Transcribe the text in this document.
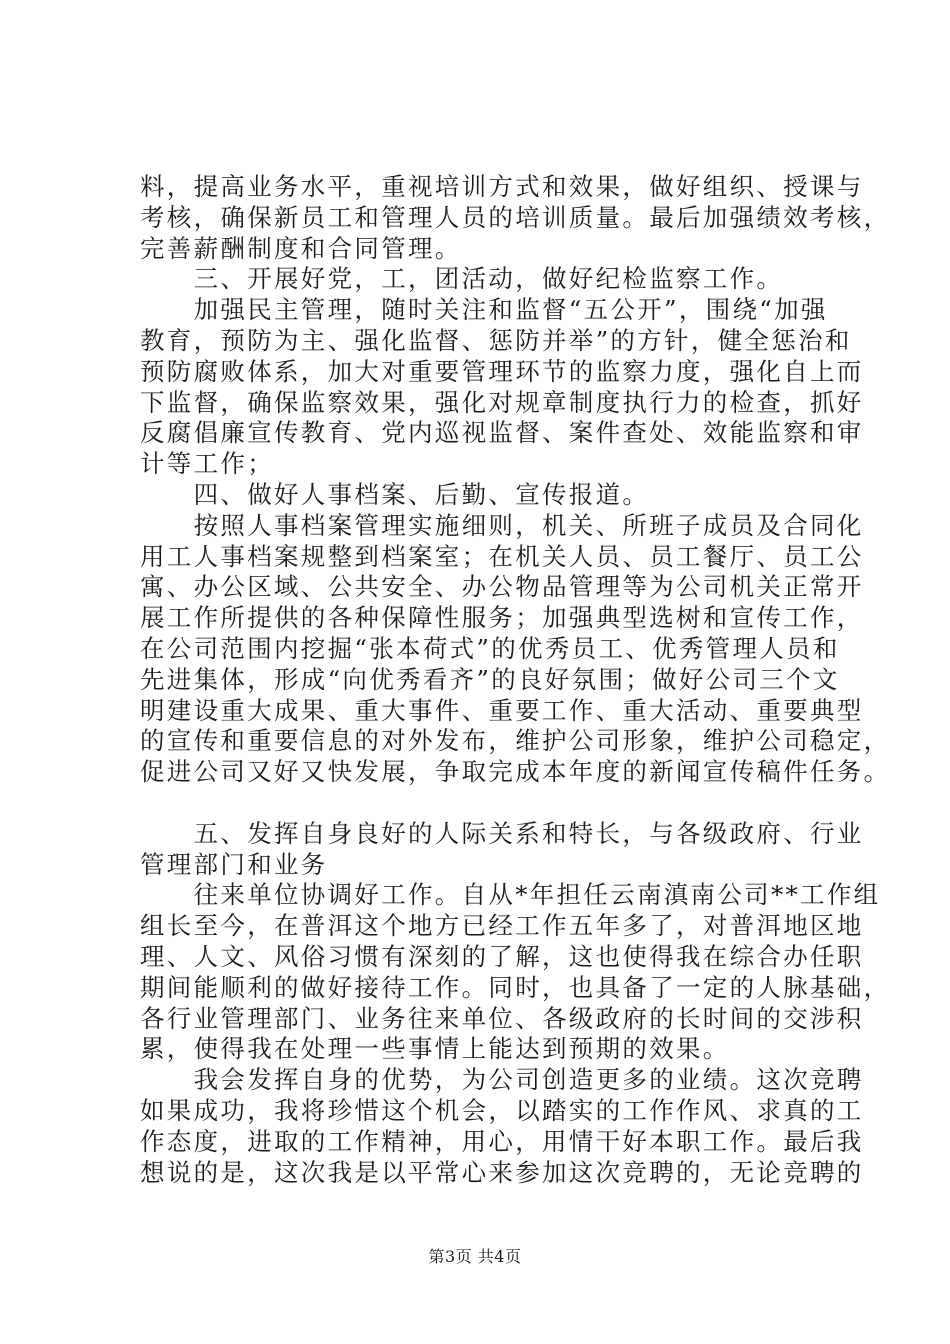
料，提高业务水平，重视培训方式和效果，做好组织、授课与
考核，确保新员工和管理人员的培训质量。最后加强绩效考核，
完善薪酬制度和合同管理。
　　三、开展好党，工，团活动，做好纪检监察工作。
　　加强民主管理，随时关注和监督“五公开”，围绕“加强
教育，预防为主、强化监督、惩防并举”的方针，健全惩治和
预防腐败体系，加大对重要管理环节的监察力度，强化自上而
下监督，确保监察效果，强化对规章制度执行力的检查，抓好
反腐倡廉宣传教育、党内巡视监督、案件查处、效能监察和审
计等工作；
　　四、做好人事档案、后勤、宣传报道。
　　按照人事档案管理实施细则，机关、所班子成员及合同化
用工人事档案规整到档案室；在机关人员、员工餐厅、员工公
寓、办公区域、公共安全、办公物品管理等为公司机关正常开
展工作所提供的各种保障性服务；加强典型选树和宣传工作，
在公司范围内挖掘“张本荷式”的优秀员工、优秀管理人员和
先进集体，形成“向优秀看齐”的良好氛围；做好公司三个文
明建设重大成果、重大事件、重要工作、重大活动、重要典型
的宣传和重要信息的对外发布，维护公司形象，维护公司稳定，
促进公司又好又快发展，争取完成本年度的新闻宣传稿件任务。
　　五、发挥自身良好的人际关系和特长，与各级政府、行业
管理部门和业务
　　往来单位协调好工作。自从*年担任云南滇南公司**工作组
组长至今，在普洱这个地方已经工作五年多了，对普洱地区地
理、人文、风俗习惯有深刻的了解，这也使得我在综合办任职
期间能顺利的做好接待工作。同时，也具备了一定的人脉基础，
各行业管理部门、业务往来单位、各级政府的长时间的交涉积
累，使得我在处理一些事情上能达到预期的效果。
　　我会发挥自身的优势，为公司创造更多的业绩。这次竞聘
如果成功，我将珍惜这个机会，以踏实的工作作风、求真的工
作态度，进取的工作精神，用心，用情干好本职工作。最后我
想说的是，这次我是以平常心来参加这次竞聘的，无论竞聘的
第3页 共4页
